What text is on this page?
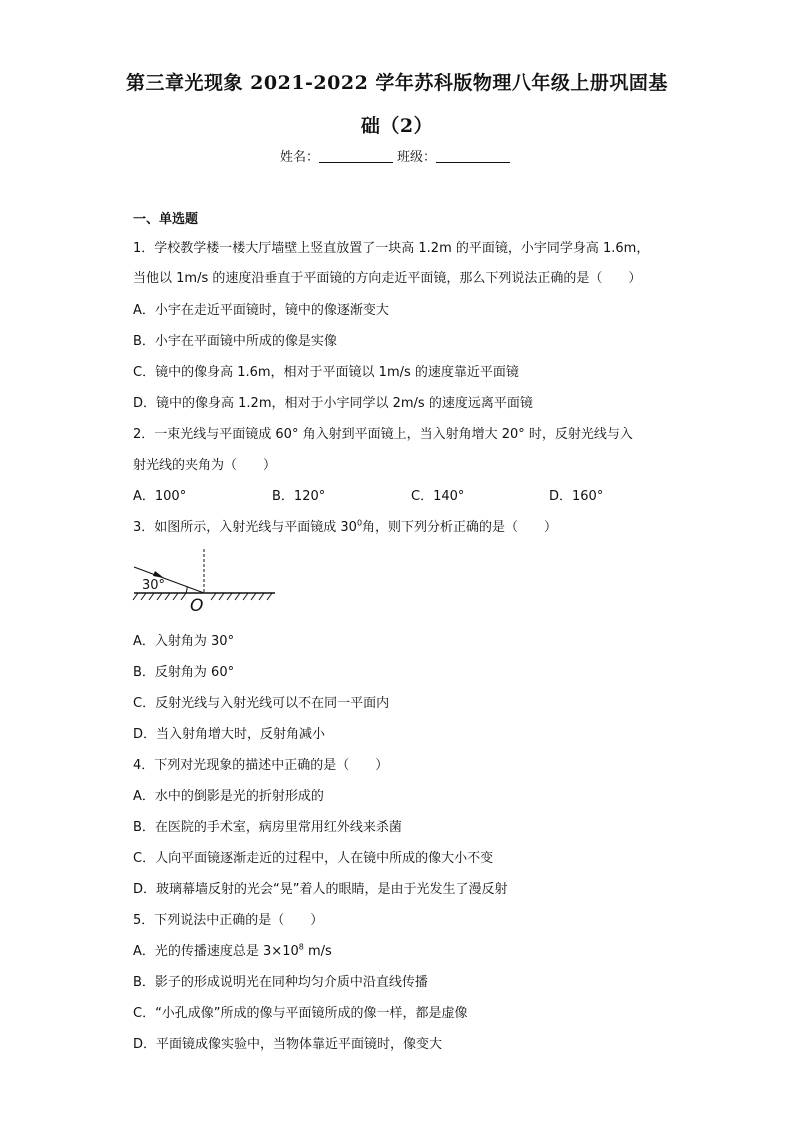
第三章光现象 2021-2022 学年苏科版物理八年级上册巩固基
础（2）
姓名：	班级：
一、单选题
1．学校教学楼一楼大厅墙壁上竖直放置了一块高 1.2m 的平面镜，小宇同学身高 1.6m，
当他以 1m/s 的速度沿垂直于平面镜的方向走近平面镜，那么下列说法正确的是（　　）
A．小宇在走近平面镜时，镜中的像逐渐变大
B．小宇在平面镜中所成的像是实像
C．镜中的像身高 1.6m，相对于平面镜以 1m/s 的速度靠近平面镜
D．镜中的像身高 1.2m，相对于小宇同学以 2m/s 的速度远离平面镜
2．一束光线与平面镜成 60° 角入射到平面镜上，当入射角增大 20° 时，反射光线与入
射光线的夹角为（　　）
A．100°	B．120°	C．140°	D．160°
3．如图所示，入射光线与平面镜成 $30^0$角，则下列分析正确的是（　　）
30°
O
A．入射角为 30°
B．反射角为 60°
C．反射光线与入射光线可以不在同一平面内
D．当入射角增大时，反射角减小
4．下列对光现象的描述中正确的是（　　）
A．水中的倒影是光的折射形成的
B．在医院的手术室，病房里常用红外线来杀菌
C．人向平面镜逐渐走近的过程中，人在镜中所成的像大小不变
D．玻璃幕墙反射的光会“晃”着人的眼睛，是由于光发生了漫反射
5．下列说法中正确的是（　　）
A．光的传播速度总是 $3\times 10^8$ m/s
B．影子的形成说明光在同种均匀介质中沿直线传播
C．“小孔成像”所成的像与平面镜所成的像一样，都是虚像
D．平面镜成像实验中，当物体靠近平面镜时，像变大
